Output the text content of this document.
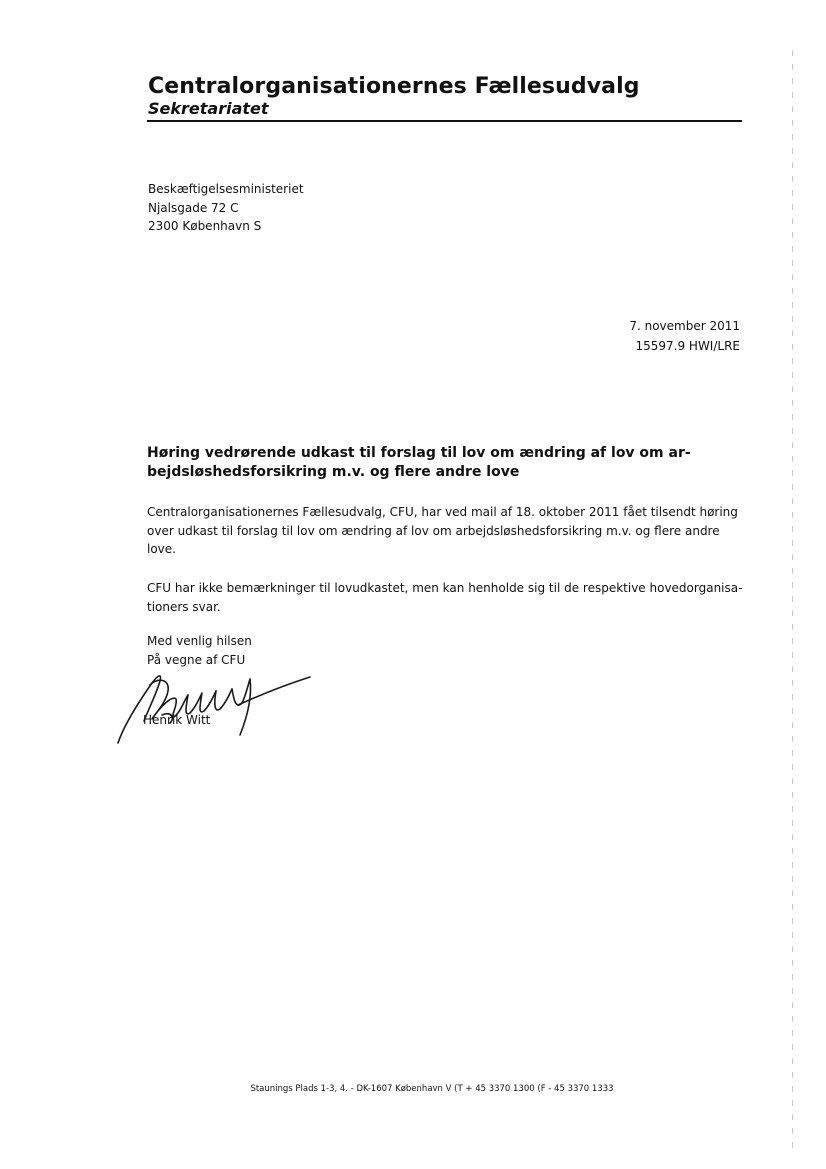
Centralorganisationernes Fællesudvalg
Sekretariatet
Beskæftigelsesministeriet
Njalsgade 72 C
2300 København S
7. november 2011
15597.9 HWI/LRE
Høring vedrørende udkast til forslag til lov om ændring af lov om ar-bejdsløshedsforsikring m.v. og flere andre love
Centralorganisationernes Fællesudvalg, CFU, har ved mail af 18. oktober 2011 fået tilsendt høring over udkast til forslag til lov om ændring af lov om arbejdsløshedsforsikring m.v. og flere andre love.
CFU har ikke bemærkninger til lovudkastet, men kan henholde sig til de respektive hovedorganisa-tioners svar.
Med venlig hilsen
På vegne af CFU
Henrik Witt
Staunings Plads 1-3, 4. - DK-1607 København V (T + 45 3370 1300 (F - 45 3370 1333
